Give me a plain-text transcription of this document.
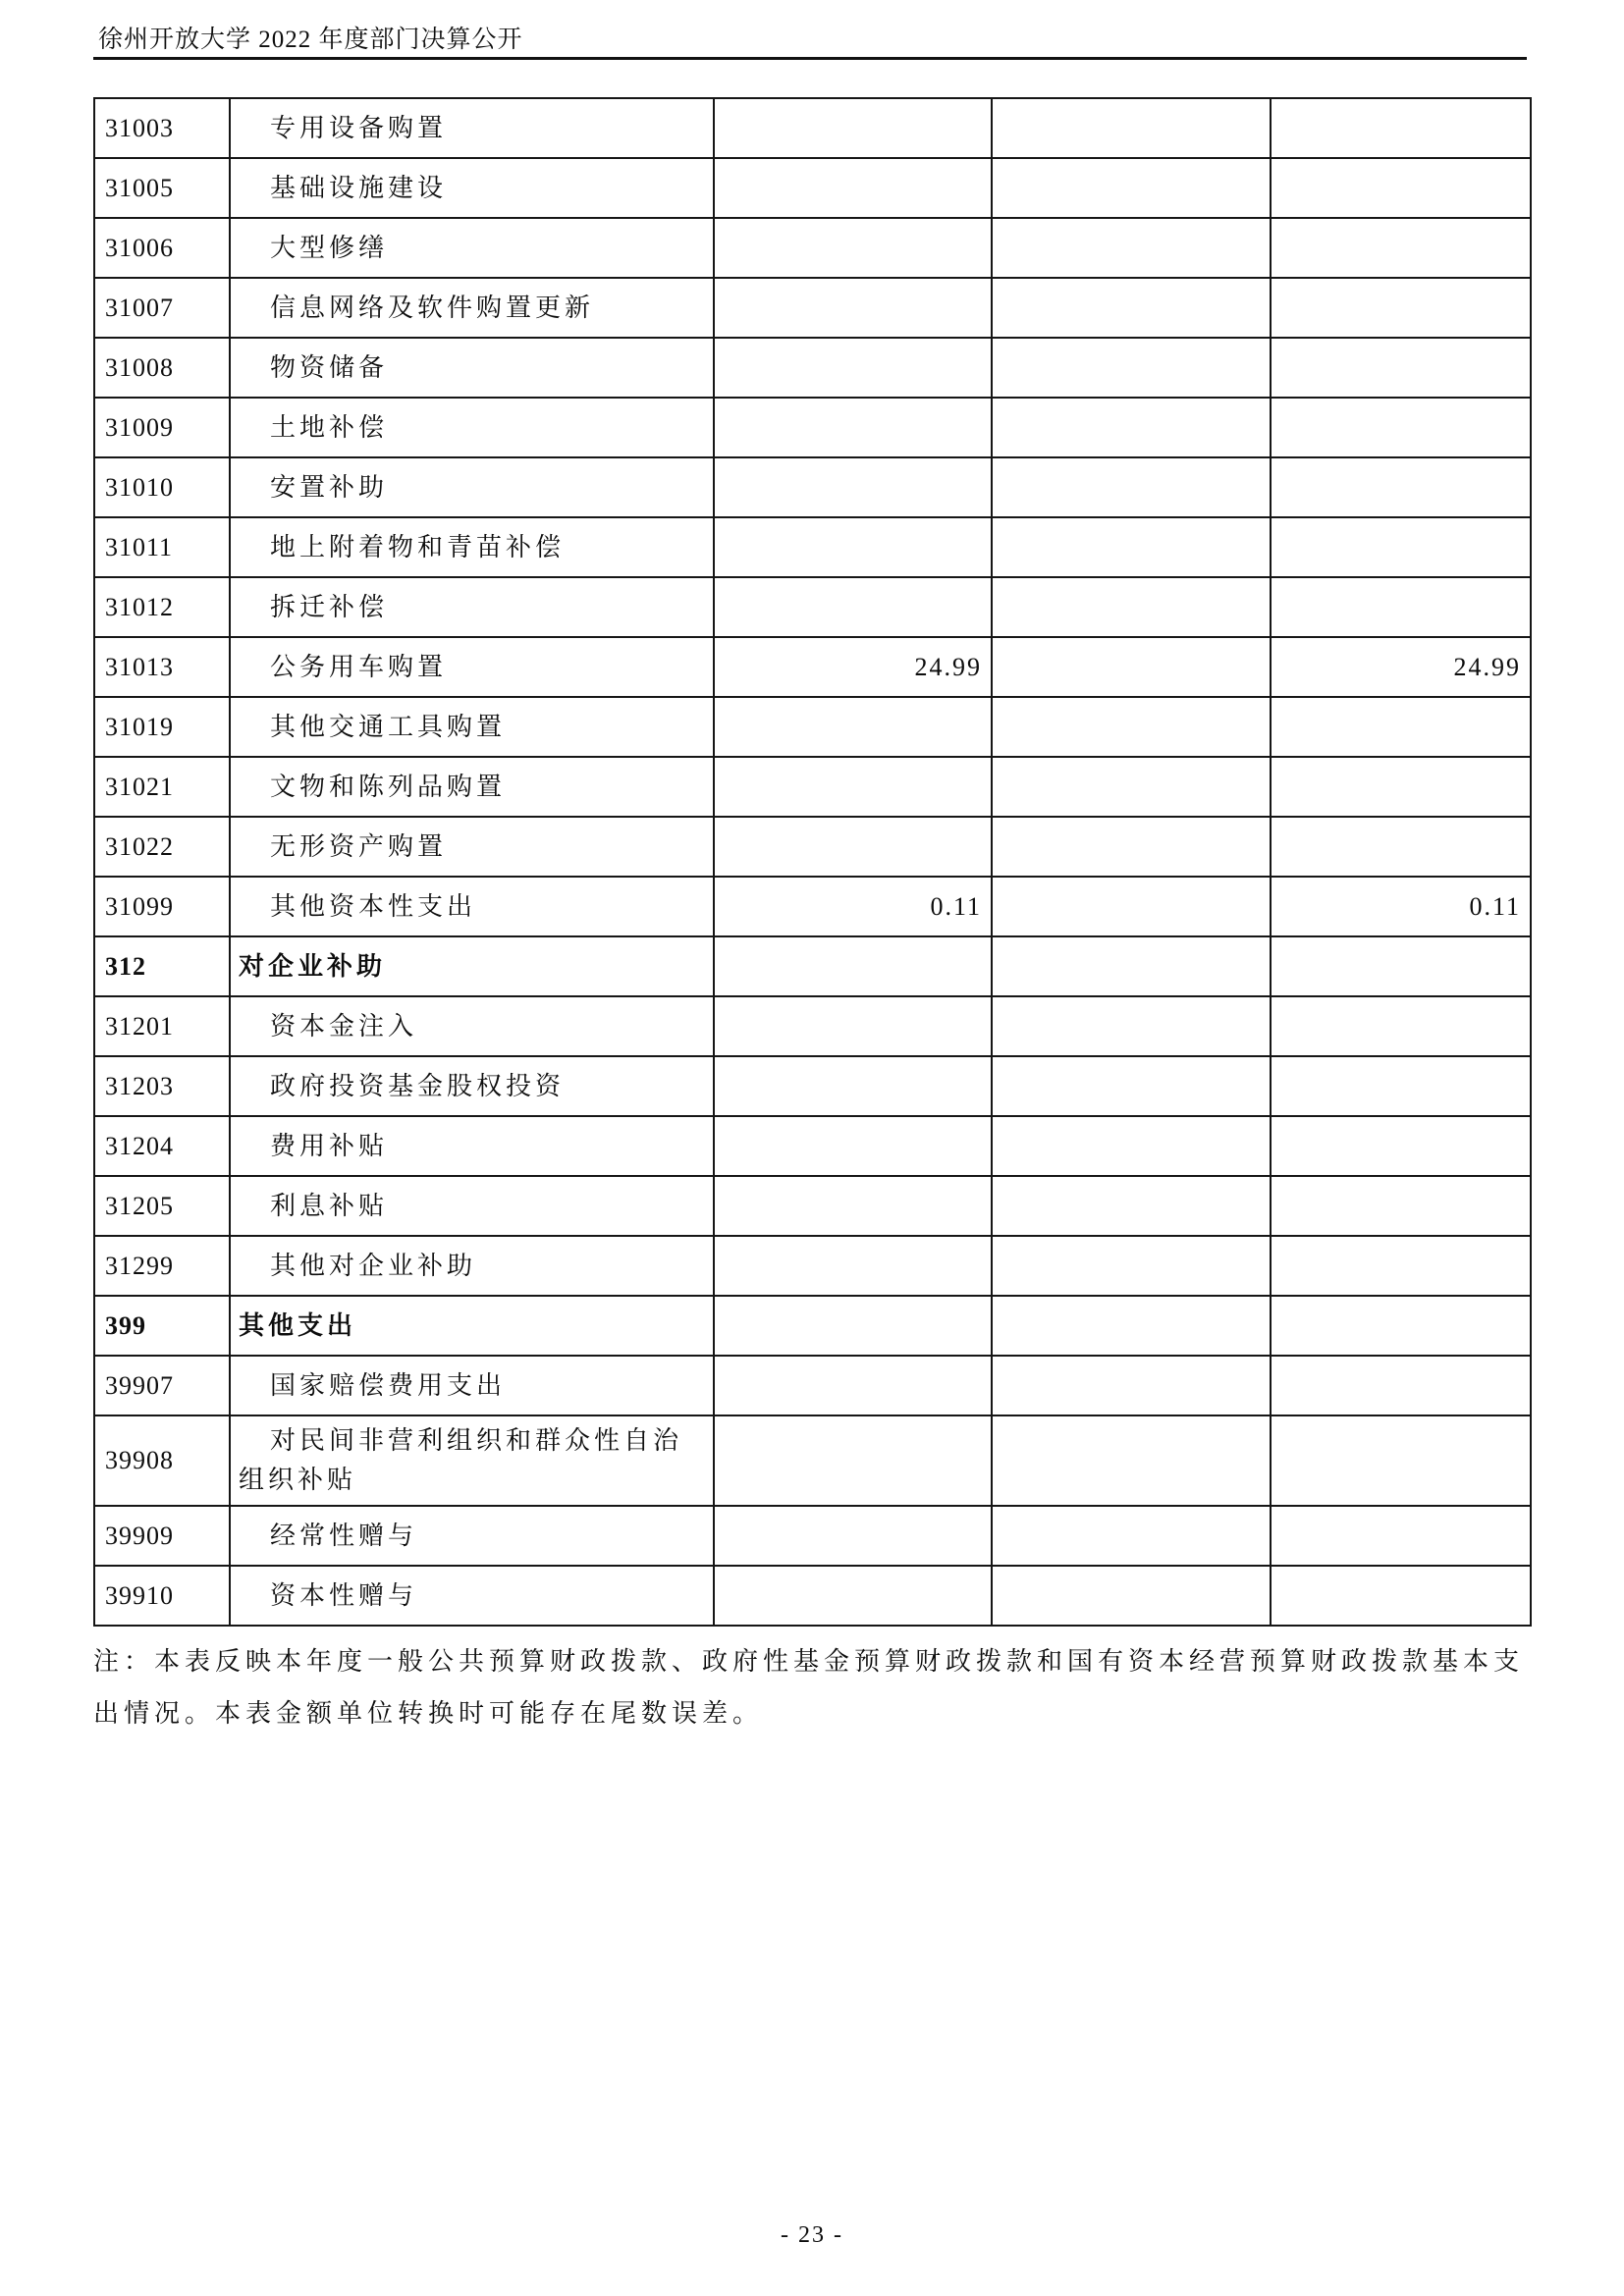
徐州开放大学 2022 年度部门决算公开
31003	专用设备购置			
31005	基础设施建设			
31006	大型修缮			
31007	信息网络及软件购置更新			
31008	物资储备			
31009	土地补偿			
31010	安置补助			
31011	地上附着物和青苗补偿			
31012	拆迁补偿			
31013	公务用车购置	24.99		24.99
31019	其他交通工具购置			
31021	文物和陈列品购置			
31022	无形资产购置			
31099	其他资本性支出	0.11		0.11
312	对企业补助			
31201	资本金注入			
31203	政府投资基金股权投资			
31204	费用补贴			
31205	利息补贴			
31299	其他对企业补助			
399	其他支出			
39907	国家赔偿费用支出			
39908	对民间非营利组织和群众性自治
组织补贴			

39909	经常性赠与			
39910	资本性赠与			
注：本表反映本年度一般公共预算财政拨款、政府性基金预算财政拨款和国有资本经营预算财政拨款基本支
出情况。本表金额单位转换时可能存在尾数误差。
- 23 -
